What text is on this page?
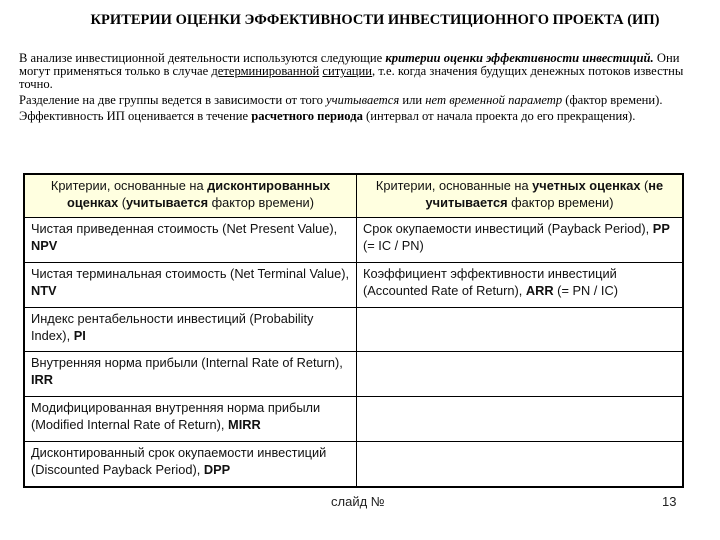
КРИТЕРИИ ОЦЕНКИ ЭФФЕКТИВНОСТИ ИНВЕСТИЦИОННОГО ПРОЕКТА (ИП)

В анализе инвестиционной деятельности используются следующие критерии оценки эффективности инвестиций. Они могут применяться только в случае детерминированной ситуации, т.е. когда значения будущих денежных потоков известны точно.

Разделение на две группы ведется в зависимости от того учитывается или нет временной параметр (фактор времени).

Эффективность ИП оценивается в течение расчетного периода (интервал от начала проекта до его прекращения).

Критерии, основанные на дисконтированных оценках (учитывается фактор времени)	Критерии, основанные на учетных оценках (не учитывается фактор времени)
Чистая приведенная стоимость (Net Present Value), NPV	Срок окупаемости инвестиций (Payback Period), PP (= IC / PN)
Чистая терминальная стоимость (Net Terminal Value), NTV	Коэффициент эффективности инвестиций (Accounted Rate of Return), ARR (= PN / IC)
Индекс рентабельности инвестиций (Probability Index), PI	
Внутренняя норма прибыли (Internal Rate of Return), IRR	
Модифицированная внутренняя норма прибыли (Modified Internal Rate of Return), MIRR	
Дисконтированный срок окупаемости инвестиций (Discounted Payback Period), DPP	
слайд №	13
